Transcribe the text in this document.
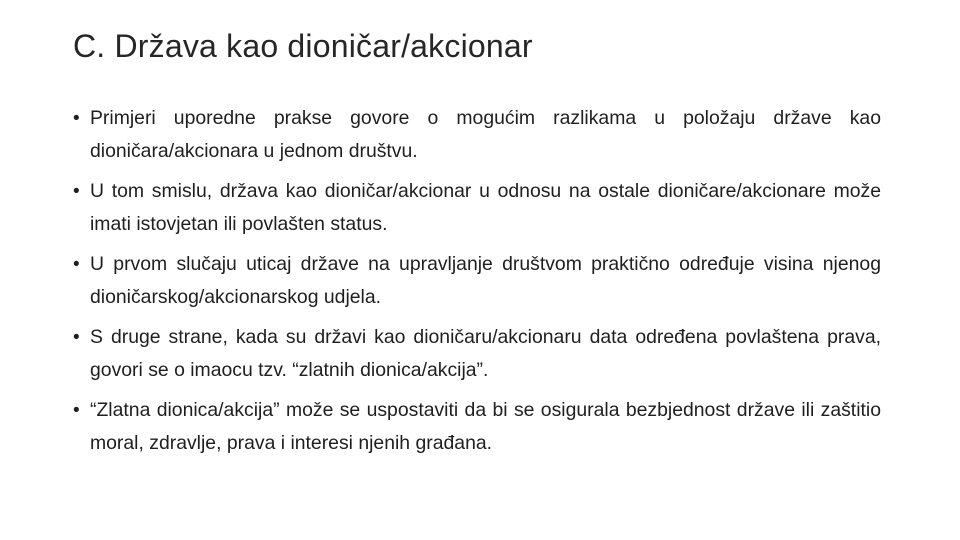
C. Država kao dioničar/akcionar
• Primjeri uporedne prakse govore o mogućim razlikama u položaju države kao dioničara/akcionara u jednom društvu.
• U tom smislu, država kao dioničar/akcionar u odnosu na ostale dioničare/akcionare može imati istovjetan ili povlašten status.
• U prvom slučaju uticaj države na upravljanje društvom praktično određuje visina njenog dioničarskog/akcionarskog udjela.
• S druge strane, kada su državi kao dioničaru/akcionaru data određena povlaštena prava, govori se o imaocu tzv. “zlatnih dionica/akcija”.
• “Zlatna dionica/akcija” može se uspostaviti da bi se osigurala bezbjednost države ili zaštitio moral, zdravlje, prava i interesi njenih građana.
